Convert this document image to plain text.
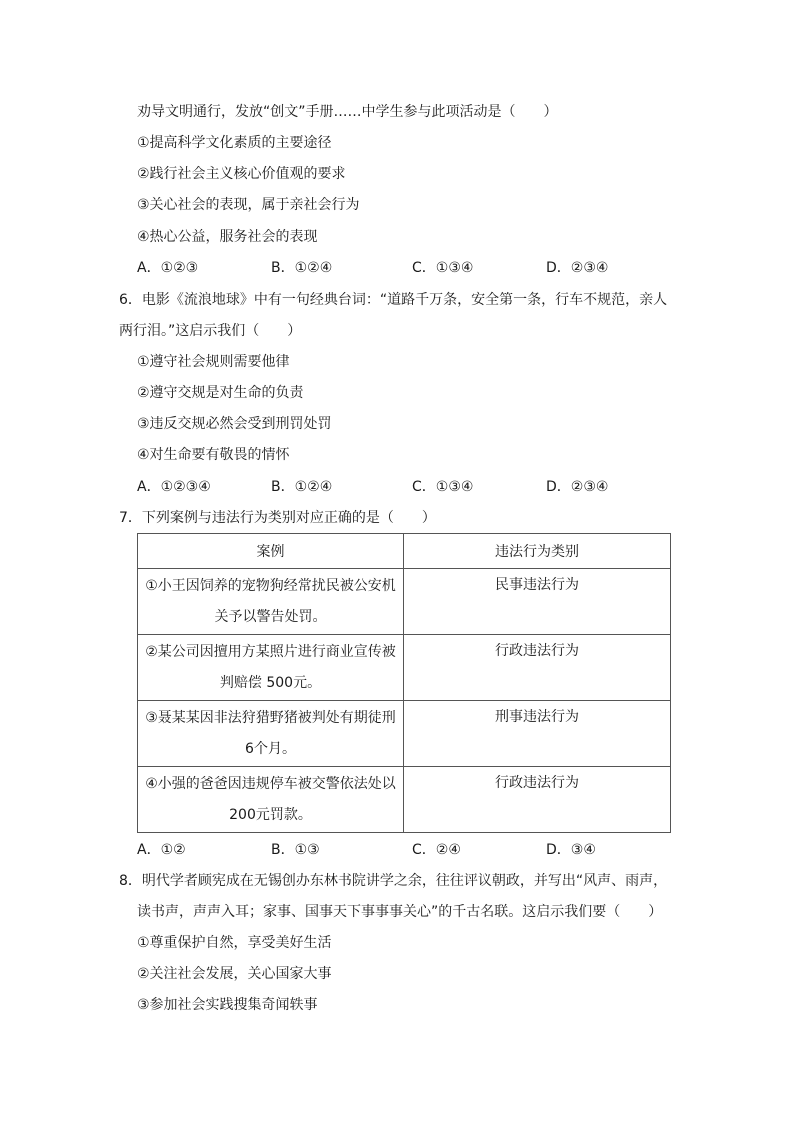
劝导文明通行，发放“创文”手册……中学生参与此项活动是（　　）
①提高科学文化素质的主要途径
②践行社会主义核心价值观的要求
③关心社会的表现，属于亲社会行为
④热心公益，服务社会的表现
A．①②③	B．①②④	C．①③④	D．②③④
6．电影《流浪地球》中有一句经典台词：“道路千万条，安全第一条，行车不规范，亲人
两行泪。”这启示我们（　　）
①遵守社会规则需要他律
②遵守交规是对生命的负责
③违反交规必然会受到刑罚处罚
④对生命要有敬畏的情怀
A．①②③④	B．①②④	C．①③④	D．②③④
7．下列案例与违法行为类别对应正确的是（　　）
案例	违法行为类别
①小王因饲养的宠物狗经常扰民被公安机
关予以警告处罚。	民事违法行为
②某公司因擅用方某照片进行商业宣传被
判赔偿 500元。	行政违法行为
③聂某某因非法狩猎野猪被判处有期徒刑
6个月。	刑事违法行为
④小强的爸爸因违规停车被交警依法处以
200元罚款。	行政违法行为
A．①②	B．①③	C．②④	D．③④
8．明代学者顾宪成在无锡创办东林书院讲学之余，往往评议朝政，并写出“风声、雨声，
读书声，声声入耳；家事、国事天下事事事关心”的千古名联。这启示我们要（　　）
①尊重保护自然，享受美好生活
②关注社会发展，关心国家大事
③参加社会实践搜集奇闻轶事
